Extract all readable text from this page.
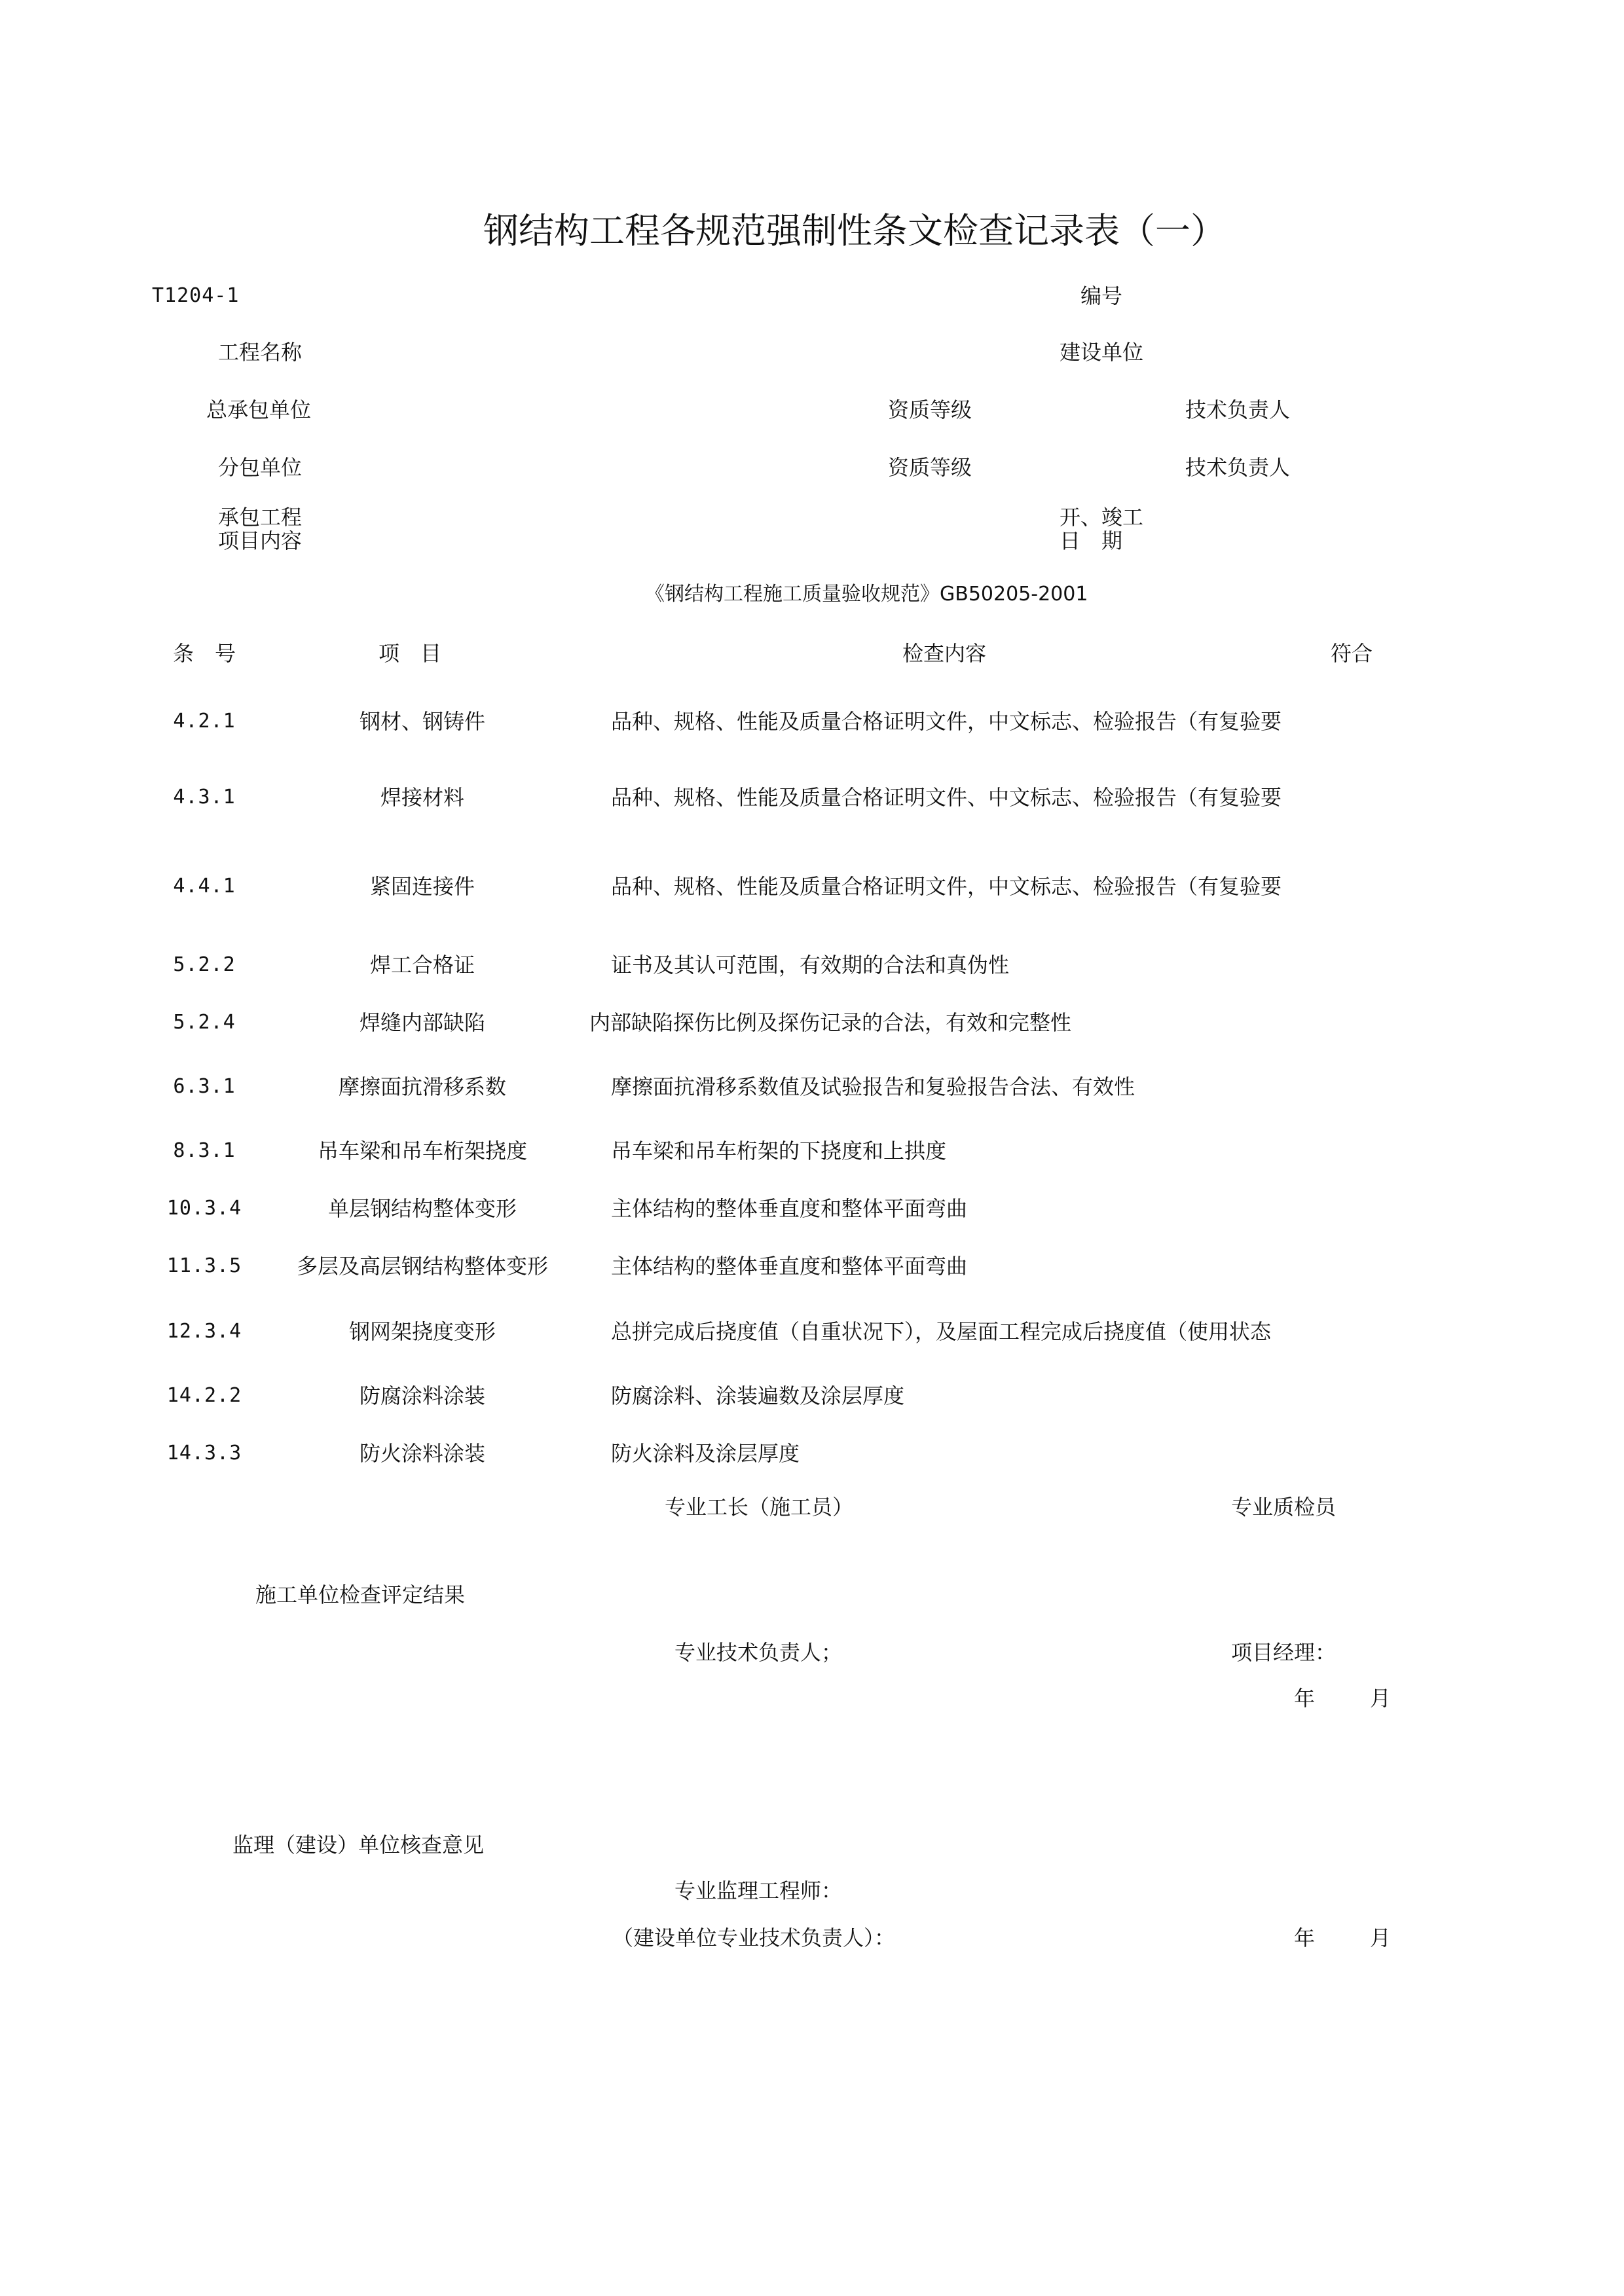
钢结构工程各规范强制性条文检查记录表（一）
T1204-1	编号
工程名称	建设单位
总承包单位	资质等级	技术负责人
分包单位	资质等级	技术负责人
承包工程
项目内容
开、竣工
日　期
《钢结构工程施工质量验收规范》GB50205-2001
条　号	项　目	检查内容	符合
4.2.1	钢材、钢铸件	品种、规格、性能及质量合格证明文件，中文标志、检验报告（有复验要
4.3.1	焊接材料	品种、规格、性能及质量合格证明文件、中文标志、检验报告（有复验要
4.4.1	紧固连接件	品种、规格、性能及质量合格证明文件，中文标志、检验报告（有复验要
5.2.2	焊工合格证	证书及其认可范围，有效期的合法和真伪性
5.2.4	焊缝内部缺陷	内部缺陷探伤比例及探伤记录的合法，有效和完整性
6.3.1	摩擦面抗滑移系数	摩擦面抗滑移系数值及试验报告和复验报告合法、有效性
8.3.1	吊车梁和吊车桁架挠度	吊车梁和吊车桁架的下挠度和上拱度
10.3.4	单层钢结构整体变形	主体结构的整体垂直度和整体平面弯曲
11.3.5	多层及高层钢结构整体变形	主体结构的整体垂直度和整体平面弯曲
12.3.4	钢网架挠度变形	总拼完成后挠度值（自重状况下），及屋面工程完成后挠度值（使用状态
14.2.2	防腐涂料涂装	防腐涂料、涂装遍数及涂层厚度
14.3.3	防火涂料涂装	防火涂料及涂层厚度
专业工长（施工员）	专业质检员
施工单位检查评定结果
专业技术负责人；	项目经理：
年	月
监理（建设）单位核查意见
专业监理工程师：
（建设单位专业技术负责人）：	年	月
